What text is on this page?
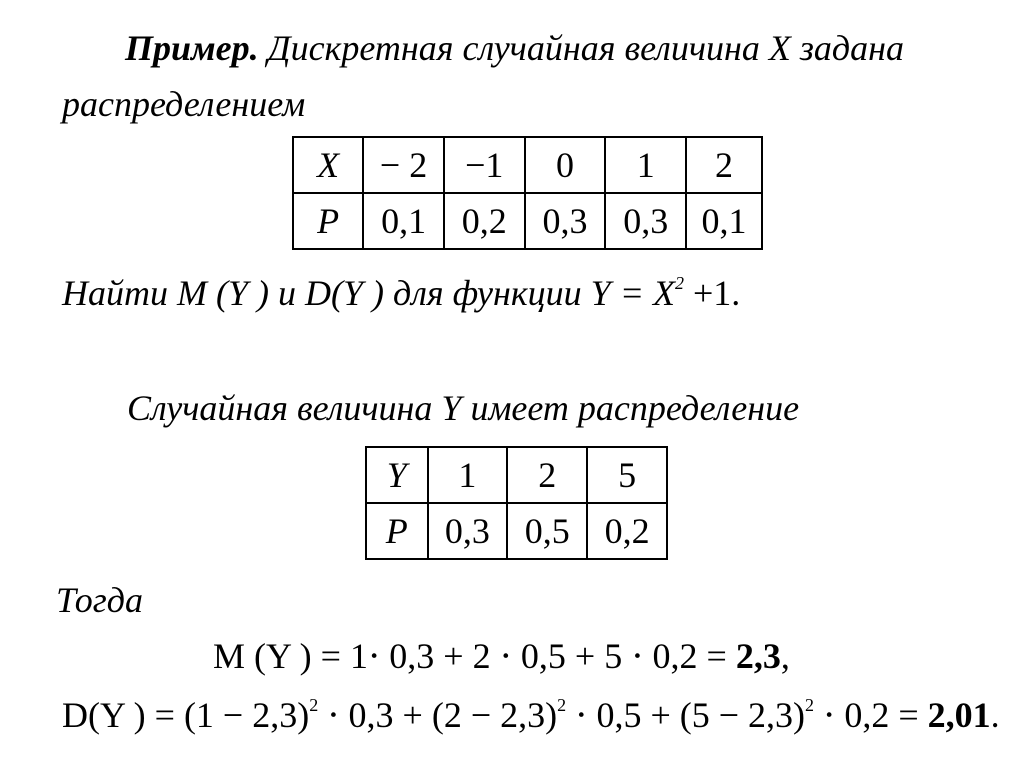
Пример. Дискретная случайная величина X задана
распределением
X	− 2	−1	0	1	2
P	0,1	0,2	0,3	0,3	0,1
Найти M (Y ) и D(Y ) для функции $Y = X^2 +1$.
Случайная величина Y имеет распределение
Y	1	2	5
P	0,3	0,5	0,2
Тогда
M (Y ) = 1⋅ 0,3 + 2 ⋅ 0,5 + 5 ⋅ 0,2 = 2,3,
D(Y ) = $(1 - 2,3)^2 \cdot 0,3 + (2 - 2,3)^2 \cdot 0,5 + (5 - 2,3)^2 \cdot 0,2 = 2,01$.
